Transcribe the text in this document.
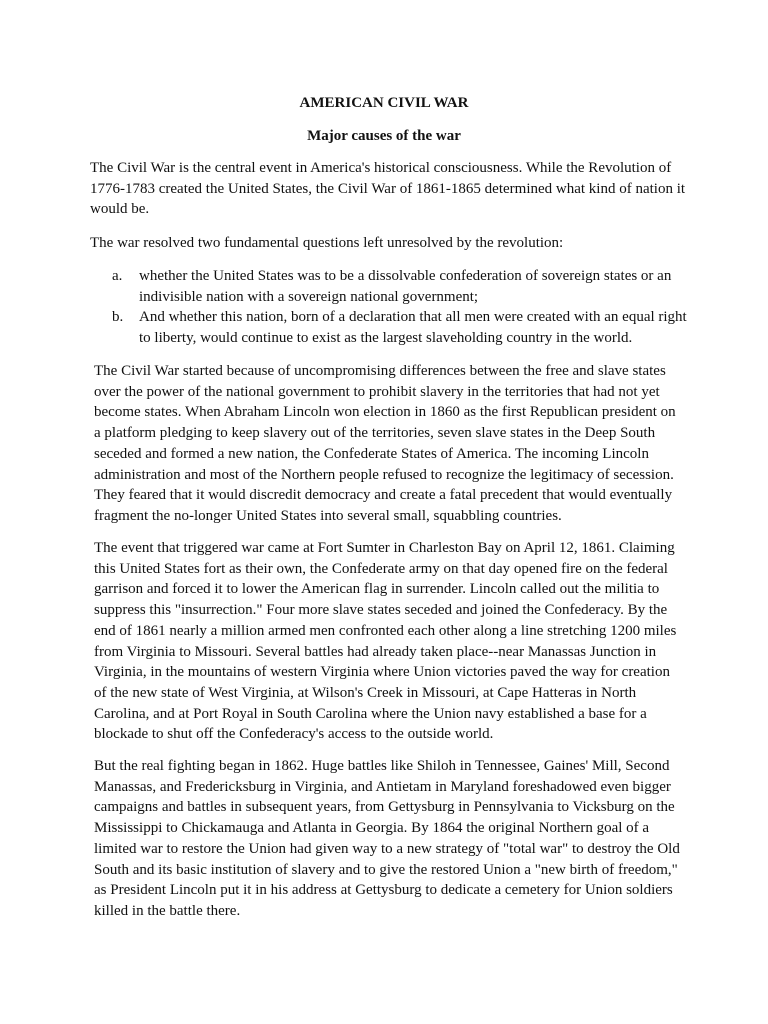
AMERICAN CIVIL WAR
Major causes of the war

The Civil War is the central event in America's historical consciousness. While the Revolution of 1776-1783 created the United States, the Civil War of 1861-1865 determined what kind of nation it would be.

The war resolved two fundamental questions left unresolved by the revolution:

a. whether the United States was to be a dissolvable confederation of sovereign states or an indivisible nation with a sovereign national government;
b. And whether this nation, born of a declaration that all men were created with an equal right to liberty, would continue to exist as the largest slaveholding country in the world.

The Civil War started because of uncompromising differences between the free and slave states over the power of the national government to prohibit slavery in the territories that had not yet become states. When Abraham Lincoln won election in 1860 as the first Republican president on a platform pledging to keep slavery out of the territories, seven slave states in the Deep South seceded and formed a new nation, the Confederate States of America. The incoming Lincoln administration and most of the Northern people refused to recognize the legitimacy of secession. They feared that it would discredit democracy and create a fatal precedent that would eventually fragment the no-longer United States into several small, squabbling countries.

The event that triggered war came at Fort Sumter in Charleston Bay on April 12, 1861. Claiming this United States fort as their own, the Confederate army on that day opened fire on the federal garrison and forced it to lower the American flag in surrender. Lincoln called out the militia to suppress this "insurrection." Four more slave states seceded and joined the Confederacy. By the end of 1861 nearly a million armed men confronted each other along a line stretching 1200 miles from Virginia to Missouri. Several battles had already taken place--near Manassas Junction in Virginia, in the mountains of western Virginia where Union victories paved the way for creation of the new state of West Virginia, at Wilson's Creek in Missouri, at Cape Hatteras in North Carolina, and at Port Royal in South Carolina where the Union navy established a base for a blockade to shut off the Confederacy's access to the outside world.

But the real fighting began in 1862. Huge battles like Shiloh in Tennessee, Gaines' Mill, Second Manassas, and Fredericksburg in Virginia, and Antietam in Maryland foreshadowed even bigger campaigns and battles in subsequent years, from Gettysburg in Pennsylvania to Vicksburg on the Mississippi to Chickamauga and Atlanta in Georgia. By 1864 the original Northern goal of a limited war to restore the Union had given way to a new strategy of "total war" to destroy the Old South and its basic institution of slavery and to give the restored Union a "new birth of freedom," as President Lincoln put it in his address at Gettysburg to dedicate a cemetery for Union soldiers killed in the battle there.
